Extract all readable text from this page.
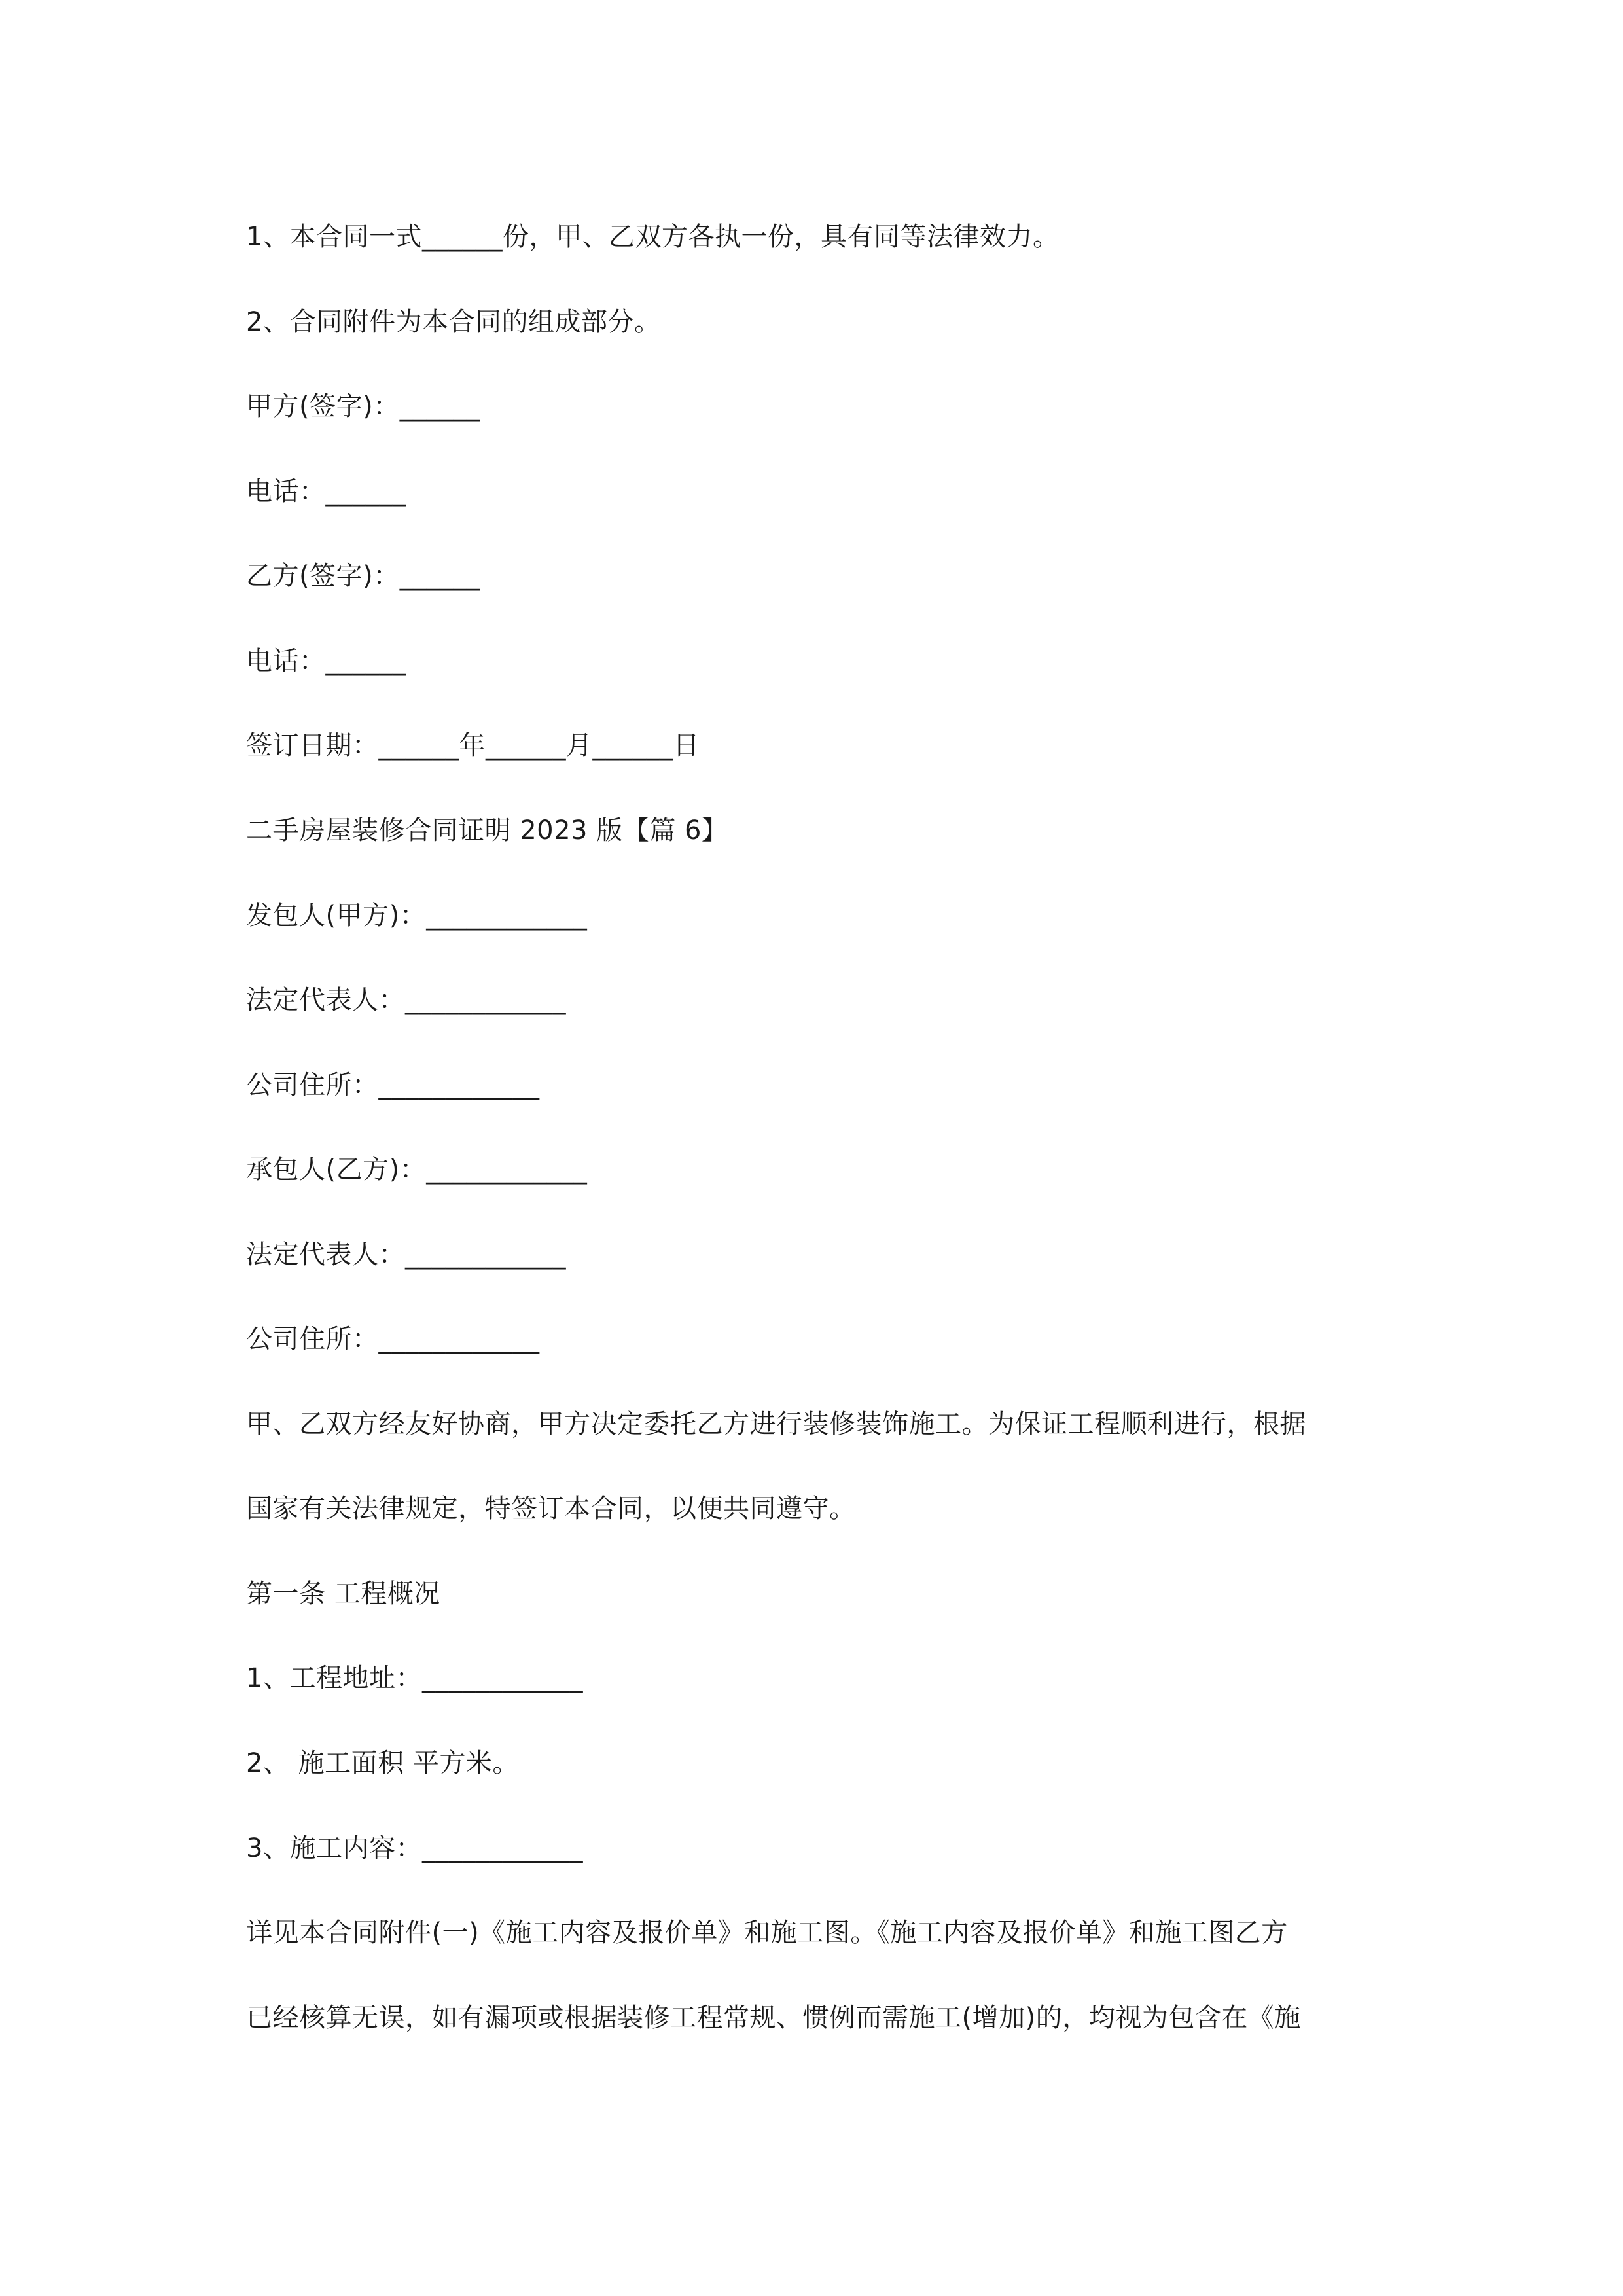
1、本合同一式______份，甲、乙双方各执一份，具有同等法律效力。
2、合同附件为本合同的组成部分。
甲方(签字)：______
电话：______
乙方(签字)：______
电话：______
签订日期：______年______月______日
二手房屋装修合同证明 2023 版【篇 6】
发包人(甲方)：____________
法定代表人：____________
公司住所：____________
承包人(乙方)：____________
法定代表人：____________
公司住所：____________
甲、乙双方经友好协商，甲方决定委托乙方进行装修装饰施工。为保证工程顺利进行，根据
国家有关法律规定，特签订本合同，以便共同遵守。
第一条 工程概况
1、工程地址：____________
2、 施工面积 平方米。
3、施工内容：____________
详见本合同附件(一)《施工内容及报价单》和施工图。《施工内容及报价单》和施工图乙方
已经核算无误，如有漏项或根据装修工程常规、惯例而需施工(增加)的，均视为包含在《施
